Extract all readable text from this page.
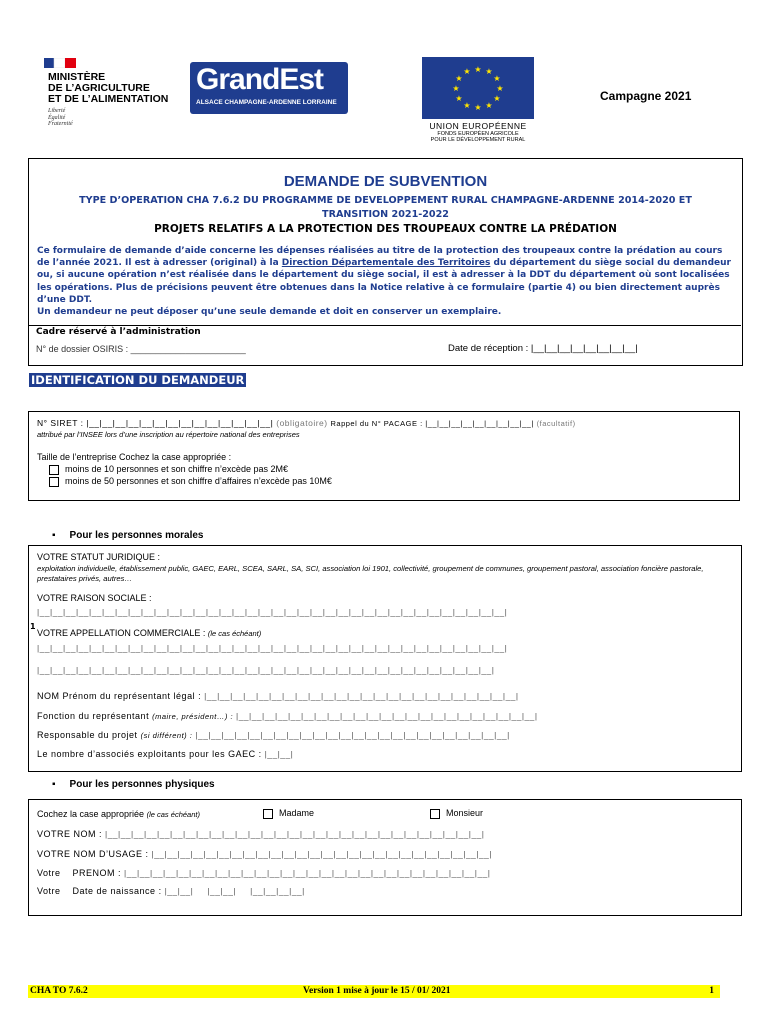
MINISTÈRE
DE L’AGRICULTURE
ET DE L’ALIMENTATION
Liberté
Égalité
Fraternité
GrandEst
ALSACE CHAMPAGNE-ARDENNE LORRAINE
★ ★
★
★
★
★
★
★
★
★
★
★
UNION EUROPÉENNE
FONDS EUROPÉEN AGRICOLE
POUR LE DÉVELOPPEMENT RURAL
Campagne 2021
DEMANDE DE SUBVENTION
TYPE D’OPERATION CHA 7.6.2 DU PROGRAMME DE DEVELOPPEMENT RURAL CHAMPAGNE-ARDENNE 2014-2020 ET
TRANSITION 2021-2022
PROJETS RELATIFS A LA PROTECTION DES TROUPEAUX CONTRE LA PRÉDATION
Ce formulaire de demande d’aide concerne les dépenses réalisées au titre de la protection des troupeaux contre la prédation au cours de l’année 2021. Il est à adresser (original) à la Direction Départementale des Territoires du département du siège social du demandeur ou, si aucune opération n’est réalisée dans le département du siège social, il est à adresser à la DDT du département où sont localisées les opérations. Plus de précisions peuvent être obtenues dans la Notice relative à ce formulaire (partie 4) ou bien directement auprès d’une DDT.
Un demandeur ne peut déposer qu’une seule demande et doit en conserver un exemplaire.
Cadre réservé à l’administration
N° de dossier OSIRIS : _______________________	Date de réception : |__|__|__|__|__|__|__|__|
IDENTIFICATION DU DEMANDEUR
N° SIRET : |__|__|__|__|__|__|__|__|__|__|__|__|__|__| (obligatoire) Rappel du N° PACAGE : |__|__|__|__|__|__|__|__|__| (facultatif)
attribué par l’INSEE lors d’une inscription au répertoire national des entreprises
Taille de l’entreprise Cochez la case appropriée :
moins de 10 personnes et son chiffre n’excède pas 2M€
moins de 50 personnes et son chiffre d’affaires n’excède pas 10M€
▪ Pour les personnes morales
1
VOTRE STATUT JURIDIQUE :
exploitation individuelle, établissement public, GAEC, EARL, SCEA, SARL, SA, SCI, association loi 1901, collectivité, groupement de communes, groupement pastoral, association foncière pastorale, prestataires privés, autres…
VOTRE RAISON SOCIALE :
|__|__|__|__|__|__|__|__|__|__|__|__|__|__|__|__|__|__|__|__|__|__|__|__|__|__|__|__|__|__|__|__|__|__|__|__|
VOTRE APPELLATION COMMERCIALE : (le cas échéant)
|__|__|__|__|__|__|__|__|__|__|__|__|__|__|__|__|__|__|__|__|__|__|__|__|__|__|__|__|__|__|__|__|__|__|__|__|
|__|__|__|__|__|__|__|__|__|__|__|__|__|__|__|__|__|__|__|__|__|__|__|__|__|__|__|__|__|__|__|__|__|__|__|
NOM Prénom du représentant légal : |__|__|__|__|__|__|__|__|__|__|__|__|__|__|__|__|__|__|__|__|__|__|__|__|
Fonction du représentant (maire, président…) : |__|__|__|__|__|__|__|__|__|__|__|__|__|__|__|__|__|__|__|__|__|__|__|
Responsable du projet (si différent) : |__|__|__|__|__|__|__|__|__|__|__|__|__|__|__|__|__|__|__|__|__|__|__|__|
Le nombre d’associés exploitants pour les GAEC : |__|__|
▪ Pour les personnes physiques
Cochez la case appropriée (le cas échéant)	Madame	Monsieur
VOTRE NOM : |__|__|__|__|__|__|__|__|__|__|__|__|__|__|__|__|__|__|__|__|__|__|__|__|__|__|__|__|__|
VOTRE NOM D’USAGE : |__|__|__|__|__|__|__|__|__|__|__|__|__|__|__|__|__|__|__|__|__|__|__|__|__|__|
Votre    PRENOM : |__|__|__|__|__|__|__|__|__|__|__|__|__|__|__|__|__|__|__|__|__|__|__|__|__|__|__|__|
Votre    Date de naissance : |__|__|     |__|__|     |__|__|__|__|
CHA TO 7.6.2	Version 1 mise à jour le 15 / 01/ 2021	1
